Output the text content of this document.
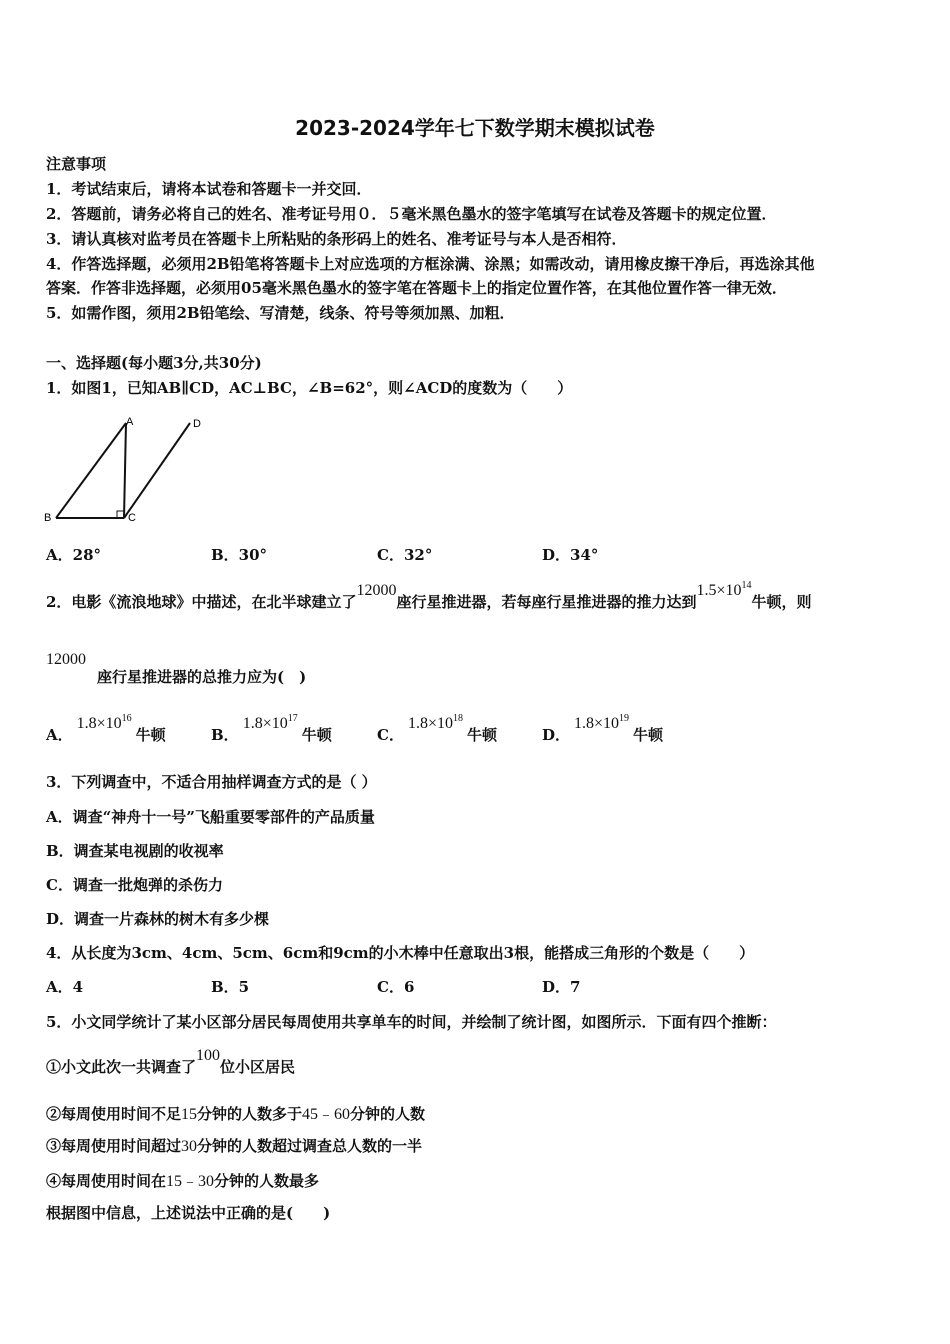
2023-2024学年七下数学期末模拟试卷
注意事项
1．考试结束后，请将本试卷和答题卡一并交回．
2．答题前，请务必将自己的姓名、准考证号用０．５毫米黑色墨水的签字笔填写在试卷及答题卡的规定位置．
3．请认真核对监考员在答题卡上所粘贴的条形码上的姓名、准考证号与本人是否相符．
4．作答选择题，必须用2B铅笔将答题卡上对应选项的方框涂满、涂黑；如需改动，请用橡皮擦干净后，再选涂其他
答案．作答非选择题，必须用05毫米黑色墨水的签字笔在答题卡上的指定位置作答，在其他位置作答一律无效．
5．如需作图，须用2B铅笔绘、写清楚，线条、符号等须加黑、加粗．
一、选择题(每小题3分,共30分)
1．如图1，已知AB∥CD，AC⊥BC，∠B=62°，则∠ACD的度数为（　　）
A
B	C
D
A．28°	B．30°	C．32°	D．34°
2．电影《流浪地球》中描述，在北半球建立了12000座行星推进器，若每座行星推进器的推力达到$1.5\times 10^{14}$牛顿，则
12000
座行星推进器的总推力应为(　)
A．$1.8\times 10^{16}$牛顿	B．$1.8\times 10^{17}$牛顿	C．$1.8\times 10^{18}$牛顿	D．$1.8\times 10^{19}$牛顿
3．下列调查中，不适合用抽样调查方式的是（ ）
A．调查“神舟十一号”飞船重要零部件的产品质量
B．调查某电视剧的收视率
C．调查一批炮弹的杀伤力
D．调查一片森林的树木有多少棵
4．从长度为3cm、4cm、5cm、6cm和9cm的小木棒中任意取出3根，能搭成三角形的个数是（　　）
A．4	B．5	C．6	D．7
5．小文同学统计了某小区部分居民每周使用共享单车的时间，并绘制了统计图，如图所示．下面有四个推断：
①小文此次一共调查了100位小区居民
②每周使用时间不足15分钟的人数多于45﹣60分钟的人数
③每周使用时间超过30分钟的人数超过调查总人数的一半
④每周使用时间在15﹣30分钟的人数最多
根据图中信息，上述说法中正确的是(　　)
